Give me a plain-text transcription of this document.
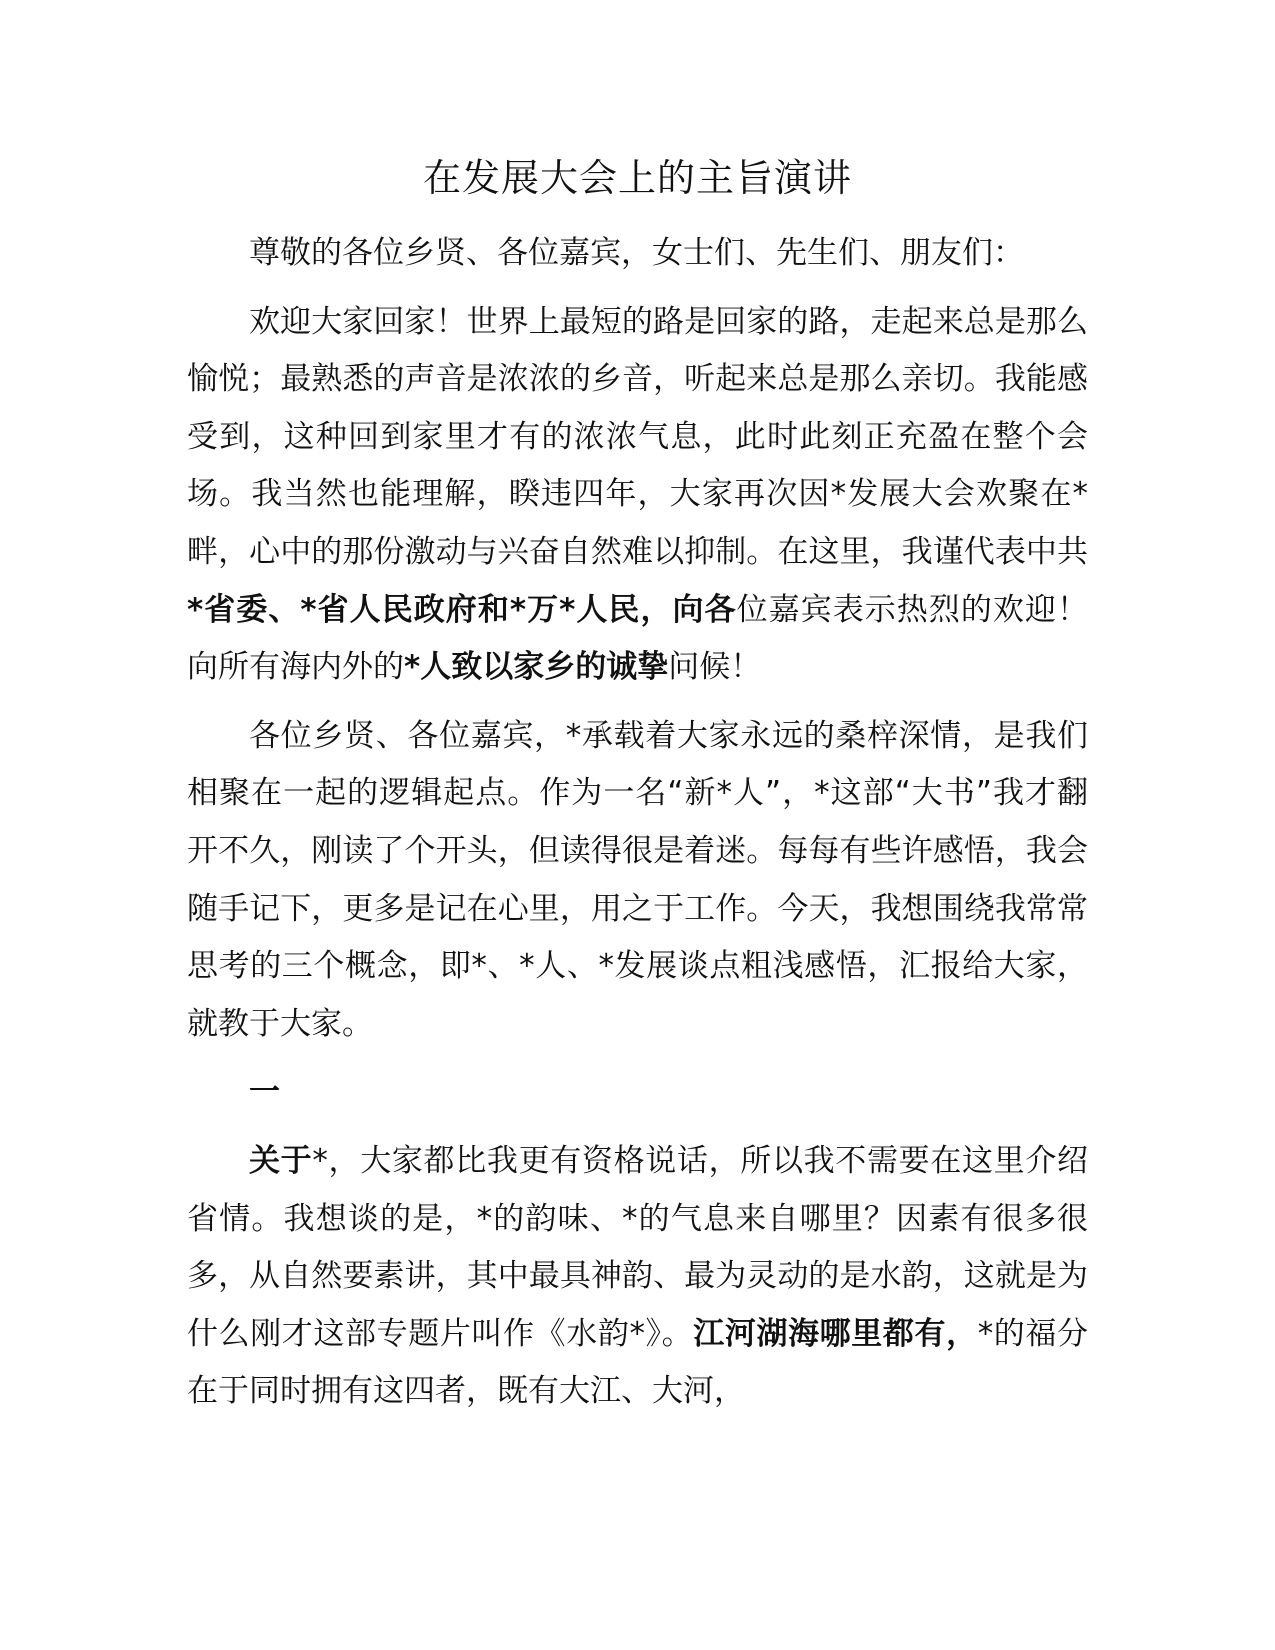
在发展大会上的主旨演讲

尊敬的各位乡贤、各位嘉宾，女士们、先生们、朋友们：

欢迎大家回家！世界上最短的路是回家的路，走起来总是那么愉悦；最熟悉的声音是浓浓的乡音，听起来总是那么亲切。我能感受到，这种回到家里才有的浓浓气息，此时此刻正充盈在整个会场。我当然也能理解，睽违四年，大家再次因*发展大会欢聚在*畔，心中的那份激动与兴奋自然难以抑制。在这里，我谨代表中共*省委、*省人民政府和*万*人民，向各位嘉宾表示热烈的欢迎！向所有海内外的*人致以家乡的诚挚问候！

各位乡贤、各位嘉宾，*承载着大家永远的桑梓深情，是我们相聚在一起的逻辑起点。作为一名“新*人”，*这部“大书”我才翻开不久，刚读了个开头，但读得很是着迷。每每有些许感悟，我会随手记下，更多是记在心里，用之于工作。今天，我想围绕我常常思考的三个概念，即*、*人、*发展谈点粗浅感悟，汇报给大家，就教于大家。

一

关于*，大家都比我更有资格说话，所以我不需要在这里介绍省情。我想谈的是，*的韵味、*的气息来自哪里？因素有很多很多，从自然要素讲，其中最具神韵、最为灵动的是水韵，这就是为什么刚才这部专题片叫作《水韵*》。江河湖海哪里都有，*的福分在于同时拥有这四者，既有大江、大河，
